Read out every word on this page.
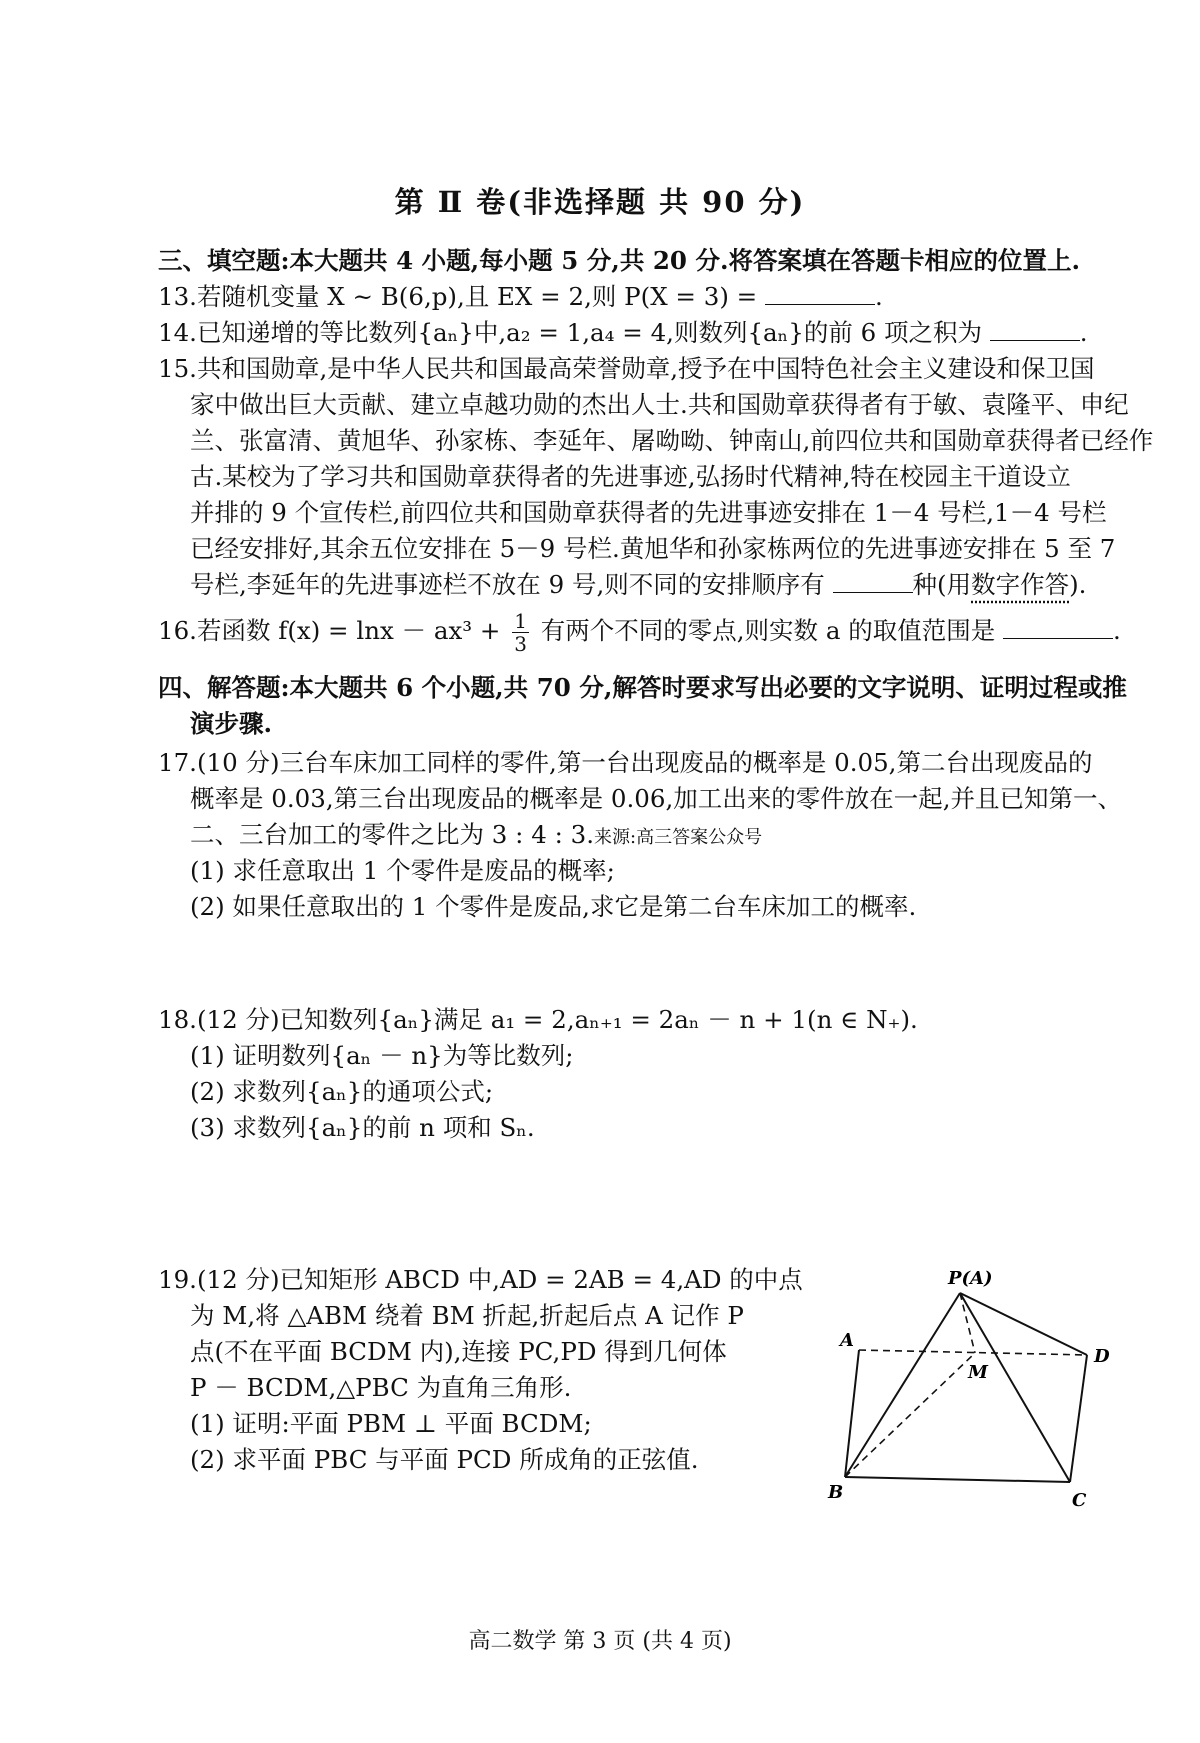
第 Ⅱ 卷(非选择题 共 90 分)
三、填空题:本大题共 4 小题,每小题 5 分,共 20 分.将答案填在答题卡相应的位置上.
13.若随机变量 X ~ B(6,p),且 EX = 2,则 P(X = 3) =	.
14.已知递增的等比数列{aₙ}中,a₂ = 1,a₄ = 4,则数列{aₙ}的前 6 项之积为	.
15.共和国勋章,是中华人民共和国最高荣誉勋章,授予在中国特色社会主义建设和保卫国
家中做出巨大贡献、建立卓越功勋的杰出人士.共和国勋章获得者有于敏、袁隆平、申纪
兰、张富清、黄旭华、孙家栋、李延年、屠呦呦、钟南山,前四位共和国勋章获得者已经作
古.某校为了学习共和国勋章获得者的先进事迹,弘扬时代精神,特在校园主干道设立
并排的 9 个宣传栏,前四位共和国勋章获得者的先进事迹安排在 1－4 号栏,1－4 号栏
已经安排好,其余五位安排在 5－9 号栏.黄旭华和孙家栋两位的先进事迹安排在 5 至 7
号栏,李延年的先进事迹栏不放在 9 号,则不同的安排顺序有	种(用数字作答).
16.若函数 $f(x) = \ln x - ax^3 + \frac{1}{3}$ 有两个不同的零点,则实数 a 的取值范围是	.
四、解答题:本大题共 6 个小题,共 70 分,解答时要求写出必要的文字说明、证明过程或推
演步骤.
17.(10 分)三台车床加工同样的零件,第一台出现废品的概率是 0.05,第二台出现废品的
概率是 0.03,第三台出现废品的概率是 0.06,加工出来的零件放在一起,并且已知第一、
二、三台加工的零件之比为 3 : 4 : 3.来源:高三答案公众号
(1) 求任意取出 1 个零件是废品的概率;
(2) 如果任意取出的 1 个零件是废品,求它是第二台车床加工的概率.
18.(12 分)已知数列{aₙ}满足 a₁ = 2,aₙ₊₁ = 2aₙ － n + 1(n ∈ N₊).
(1) 证明数列{aₙ － n}为等比数列;
(2) 求数列{aₙ}的通项公式;
(3) 求数列{aₙ}的前 n 项和 Sₙ.
19.(12 分)已知矩形 ABCD 中,AD = 2AB = 4,AD 的中点
为 M,将 △ABM 绕着 BM 折起,折起后点 A 记作 P
点(不在平面 BCDM 内),连接 PC,PD 得到几何体
P － BCDM,△PBC 为直角三角形.
(1) 证明:平面 PBM ⊥ 平面 BCDM;
(2) 求平面 PBC 与平面 PCD 所成角的正弦值.
P(A)
A
D
M
B	C
高二数学 第 3 页 (共 4 页)
